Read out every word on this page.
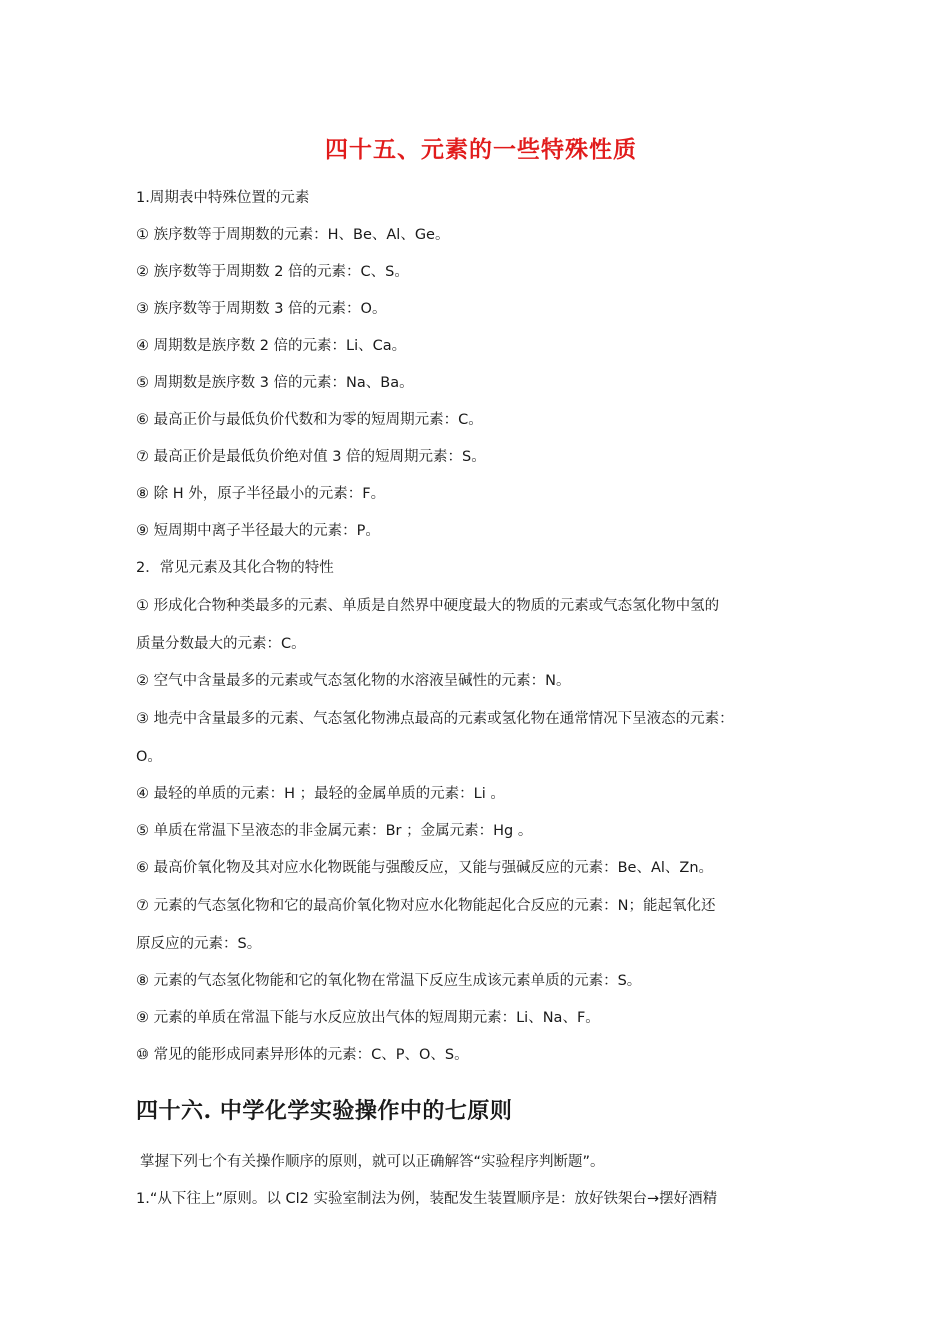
四十五、元素的一些特殊性质
1.周期表中特殊位置的元素
① 族序数等于周期数的元素：H、Be、Al、Ge。
② 族序数等于周期数 2 倍的元素：C、S。
③ 族序数等于周期数 3 倍的元素：O。
④ 周期数是族序数 2 倍的元素：Li、Ca。
⑤ 周期数是族序数 3 倍的元素：Na、Ba。
⑥ 最高正价与最低负价代数和为零的短周期元素：C。
⑦ 最高正价是最低负价绝对值 3 倍的短周期元素：S。
⑧ 除 H 外，原子半径最小的元素：F。
⑨ 短周期中离子半径最大的元素：P。
2．常见元素及其化合物的特性
① 形成化合物种类最多的元素、单质是自然界中硬度最大的物质的元素或气态氢化物中氢的
质量分数最大的元素：C。
② 空气中含量最多的元素或气态氢化物的水溶液呈碱性的元素：N。
③ 地壳中含量最多的元素、气态氢化物沸点最高的元素或氢化物在通常情况下呈液态的元素：
O。
④ 最轻的单质的元素：H ；最轻的金属单质的元素：Li 。
⑤ 单质在常温下呈液态的非金属元素：Br ；金属元素：Hg 。
⑥ 最高价氧化物及其对应水化物既能与强酸反应，又能与强碱反应的元素：Be、Al、Zn。
⑦ 元素的气态氢化物和它的最高价氧化物对应水化物能起化合反应的元素：N；能起氧化还
原反应的元素：S。
⑧ 元素的气态氢化物能和它的氧化物在常温下反应生成该元素单质的元素：S。
⑨ 元素的单质在常温下能与水反应放出气体的短周期元素：Li、Na、F。
⑩ 常见的能形成同素异形体的元素：C、P、O、S。
四十六. 中学化学实验操作中的七原则
掌握下列七个有关操作顺序的原则，就可以正确解答“实验程序判断题”。
1.“从下往上”原则。以 Cl2 实验室制法为例，装配发生装置顺序是：放好铁架台→摆好酒精
